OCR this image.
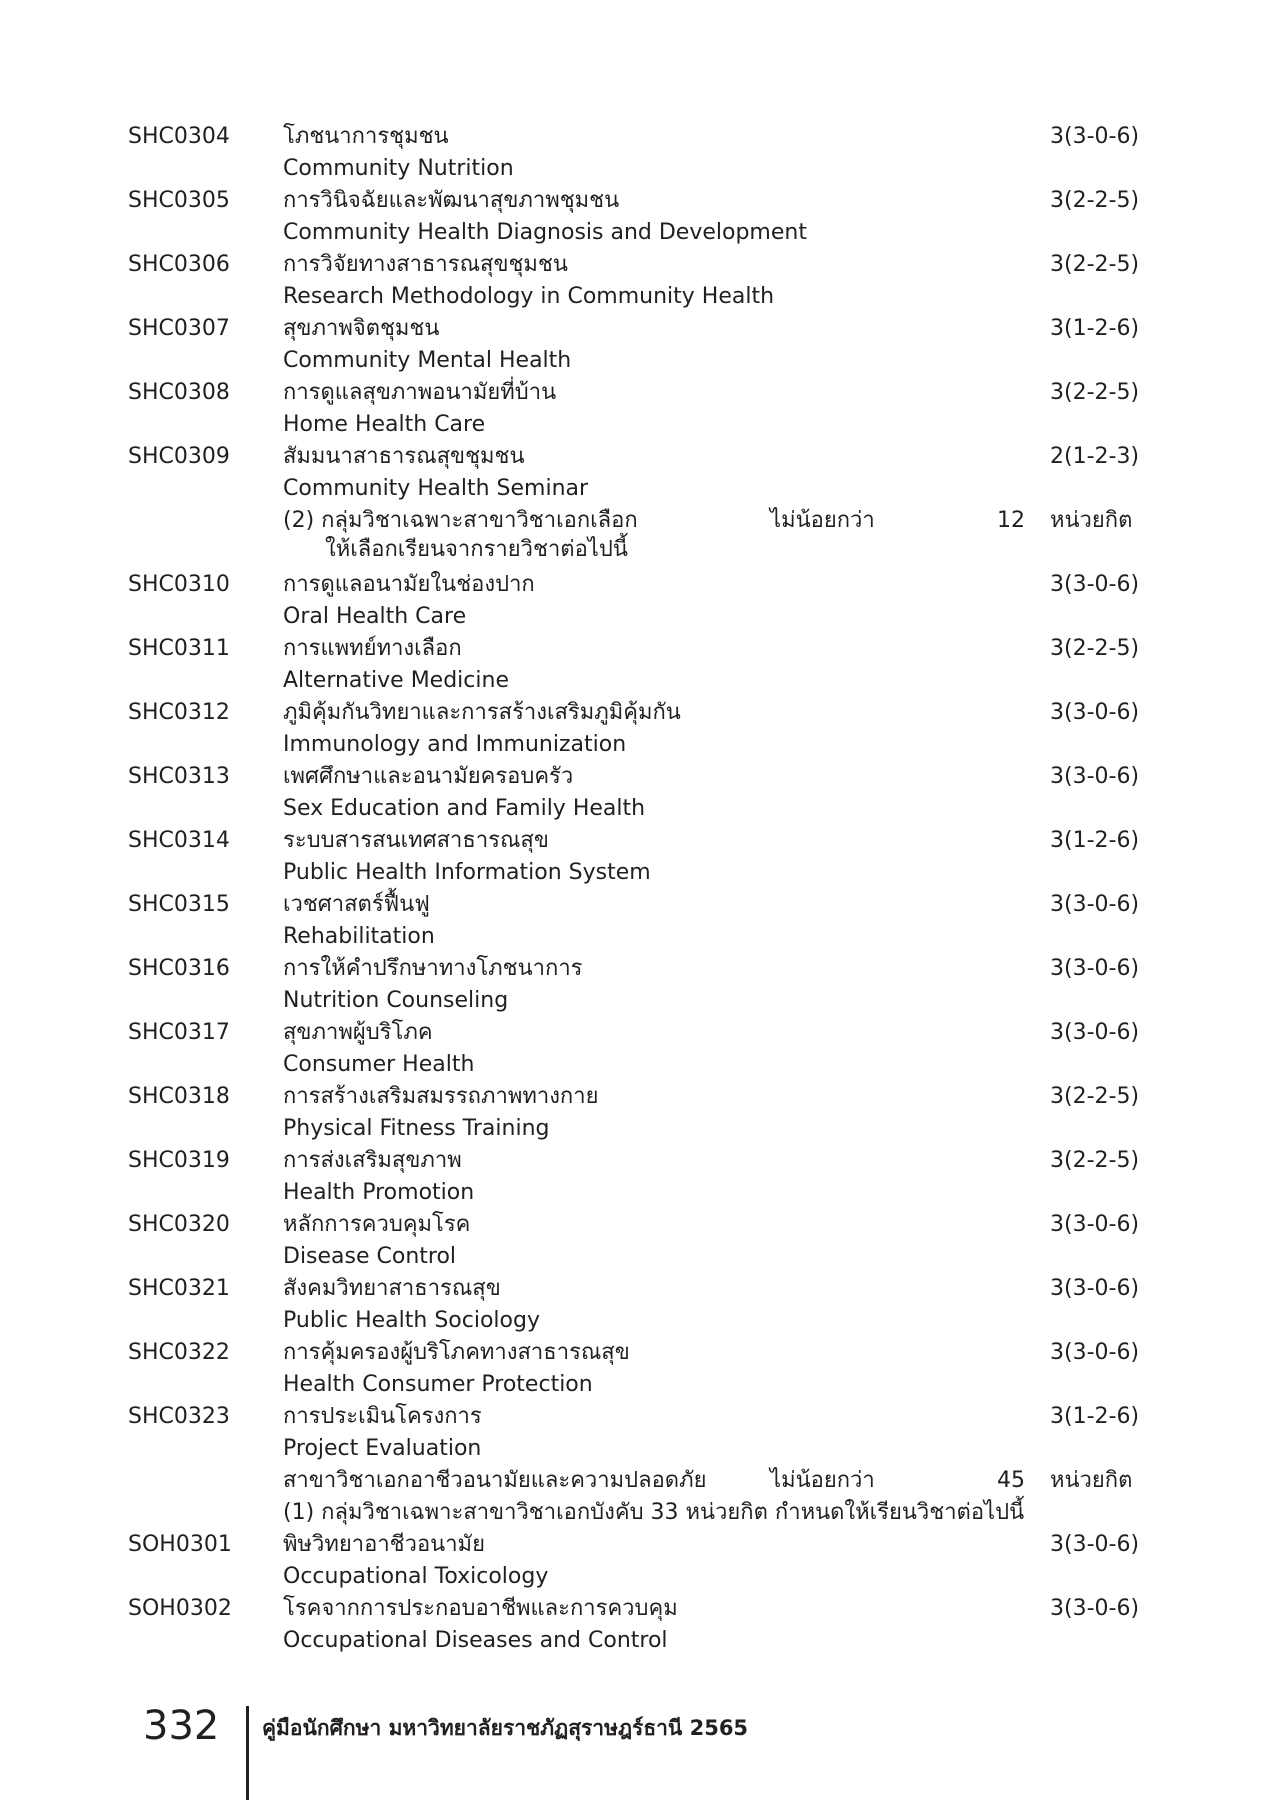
SHC0304 โภชนาการชุมชน	3(3-0-6)
Community Nutrition
SHC0305 การวินิจฉัยและพัฒนาสุขภาพชุมชน	3(2-2-5)
Community Health Diagnosis and Development
SHC0306 การวิจัยทางสาธารณสุขชุมชน	3(2-2-5)
Research Methodology in Community Health
SHC0307 สุขภาพจิตชุมชน	3(1-2-6)
Community Mental Health
SHC0308 การดูแลสุขภาพอนามัยที่บ้าน	3(2-2-5)
Home Health Care
SHC0309 สัมมนาสาธารณสุขชุมชน	2(1-2-3)
Community Health Seminar
(2) กลุ่มวิชาเฉพาะสาขาวิชาเอกเลือก	ไม่น้อยกว่า	12 หน่วยกิต
ให้เลือกเรียนจากรายวิชาต่อไปนี้
SHC0310 การดูแลอนามัยในช่องปาก	3(3-0-6)
Oral Health Care
SHC0311 การแพทย์ทางเลือก	3(2-2-5)
Alternative Medicine
SHC0312 ภูมิคุ้มกันวิทยาและการสร้างเสริมภูมิคุ้มกัน	3(3-0-6)
Immunology and Immunization
SHC0313 เพศศึกษาและอนามัยครอบครัว	3(3-0-6)
Sex Education and Family Health
SHC0314 ระบบสารสนเทศสาธารณสุข	3(1-2-6)
Public Health Information System
SHC0315 เวชศาสตร์ฟื้นฟู	3(3-0-6)
Rehabilitation
SHC0316 การให้คำปรึกษาทางโภชนาการ	3(3-0-6)
Nutrition Counseling
SHC0317 สุขภาพผู้บริโภค	3(3-0-6)
Consumer Health
SHC0318 การสร้างเสริมสมรรถภาพทางกาย	3(2-2-5)
Physical Fitness Training
SHC0319 การส่งเสริมสุขภาพ	3(2-2-5)
Health Promotion
SHC0320 หลักการควบคุมโรค	3(3-0-6)
Disease Control
SHC0321 สังคมวิทยาสาธารณสุข	3(3-0-6)
Public Health Sociology
SHC0322 การคุ้มครองผู้บริโภคทางสาธารณสุข	3(3-0-6)
Health Consumer Protection
SHC0323 การประเมินโครงการ	3(1-2-6)
Project Evaluation
สาขาวิชาเอกอาชีวอนามัยและความปลอดภัย	ไม่น้อยกว่า	45 หน่วยกิต
(1) กลุ่มวิชาเฉพาะสาขาวิชาเอกบังคับ 33 หน่วยกิต กำหนดให้เรียนวิชาต่อไปนี้
SOH0301 พิษวิทยาอาชีวอนามัย	3(3-0-6)
Occupational Toxicology
SOH0302 โรคจากการประกอบอาชีพและการควบคุม	3(3-0-6)
Occupational Diseases and Control
332 คู่มือนักศึกษา มหาวิทยาลัยราชภัฏสุราษฎร์ธานี 2565
